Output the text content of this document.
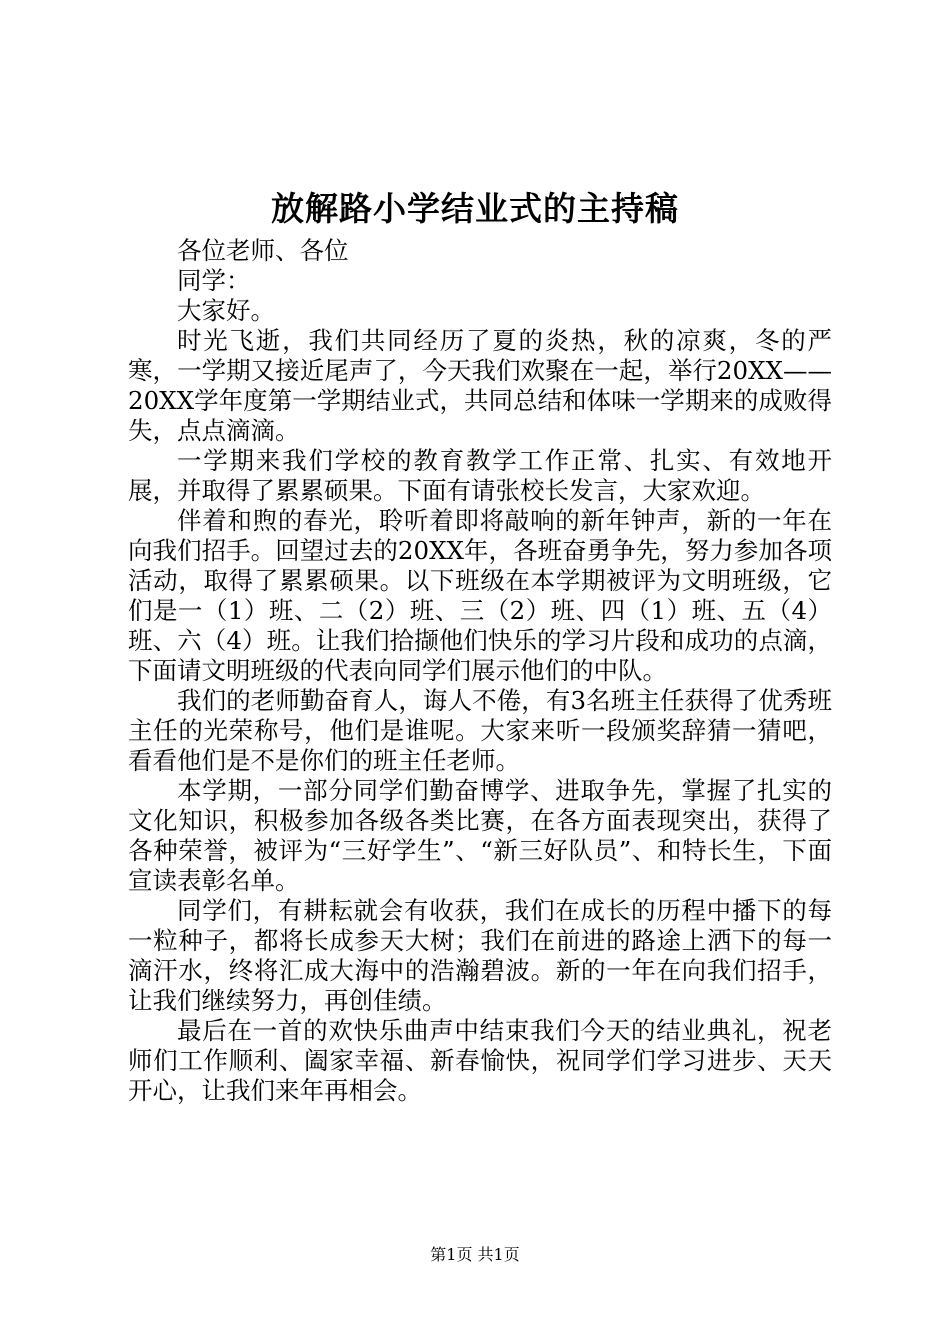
放解路小学结业式的主持稿

各位老师、各位

同学：

大家好。

时光飞逝，我们共同经历了夏的炎热，秋的凉爽，冬的严寒，一学期又接近尾声了，今天我们欢聚在一起，举行20XX——20XX学年度第一学期结业式，共同总结和体味一学期来的成败得失，点点滴滴。

一学期来我们学校的教育教学工作正常、扎实、有效地开展，并取得了累累硕果。下面有请张校长发言，大家欢迎。

伴着和煦的春光，聆听着即将敲响的新年钟声，新的一年在向我们招手。回望过去的20XX年，各班奋勇争先，努力参加各项活动，取得了累累硕果。以下班级在本学期被评为文明班级，它们是一（1）班、二（2）班、三（2）班、四（1）班、五（4）班、六（4）班。让我们拾撷他们快乐的学习片段和成功的点滴，下面请文明班级的代表向同学们展示他们的中队。

我们的老师勤奋育人，诲人不倦，有3名班主任获得了优秀班主任的光荣称号，他们是谁呢。大家来听一段颁奖辞猜一猜吧，看看他们是不是你们的班主任老师。

本学期，一部分同学们勤奋博学、进取争先，掌握了扎实的文化知识，积极参加各级各类比赛，在各方面表现突出，获得了各种荣誉，被评为“三好学生”、“新三好队员”、和特长生，下面宣读表彰名单。

同学们，有耕耘就会有收获，我们在成长的历程中播下的每一粒种子，都将长成参天大树；我们在前进的路途上洒下的每一滴汗水，终将汇成大海中的浩瀚碧波。新的一年在向我们招手，让我们继续努力，再创佳绩。

最后在一首的欢快乐曲声中结束我们今天的结业典礼，祝老师们工作顺利、阖家幸福、新春愉快，祝同学们学习进步、天天开心，让我们来年再相会。

第1页 共1页
